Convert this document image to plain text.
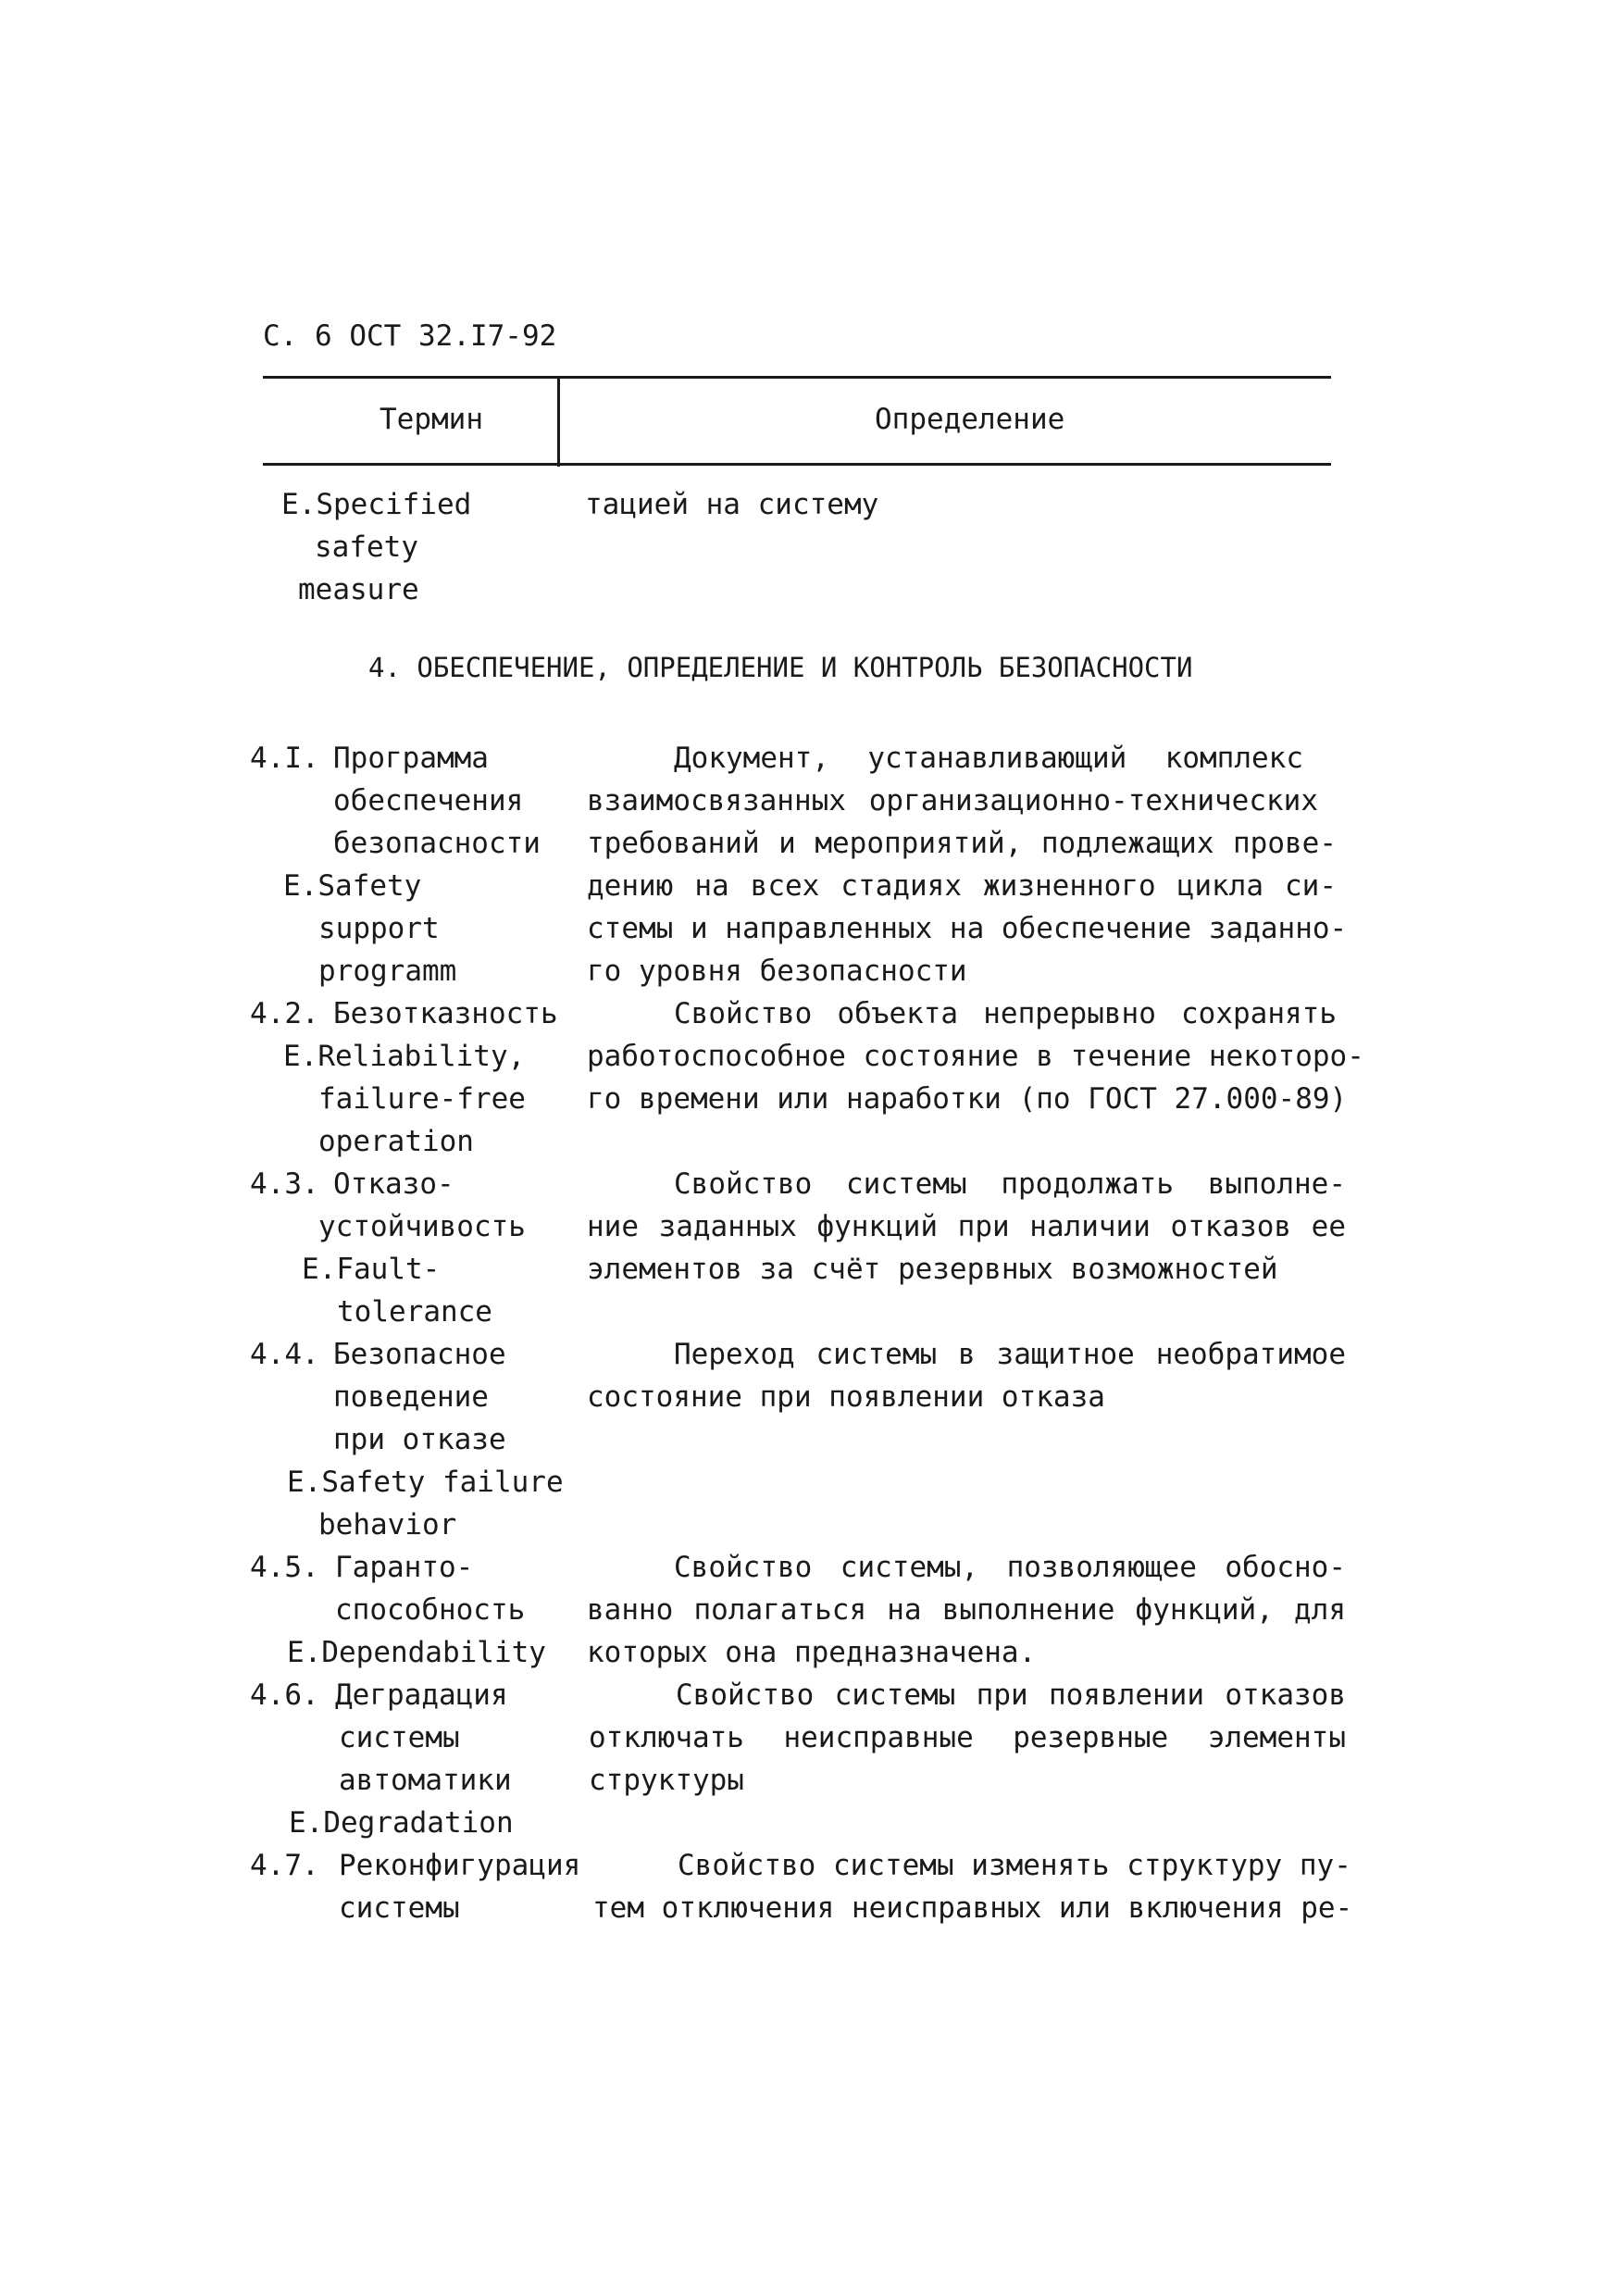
С. 6 ОСТ 32.I7-92
Термин	Определение
E.Specified
safety
measure
тацией на систему
4. ОБЕСПЕЧЕНИЕ, ОПРЕДЕЛЕНИЕ И КОНТРОЛЬ БЕЗОПАСНОСТИ
4.I. Программа
обеспечения
безопасности
E.Safety
support
programm
Документ, устанавливающий комплекс
взаимосвязанных организационно-технических
требований и мероприятий, подлежащих прове-
дению на всех стадиях жизненного цикла си-
стемы и направленных на обеспечение заданно-
го уровня безопасности
4.2. Безотказность
E.Reliability,
failure-free
operation
Свойство объекта непрерывно сохранять
работоспособное состояние в течение некоторо-
го времени или наработки (по ГОСТ 27.000-89)
4.3. Отказо-
устойчивость
E.Fault-
tolerance
Свойство системы продолжать выполне-
ние заданных функций при наличии отказов ее
элементов за счёт резервных возможностей
4.4. Безопасное
поведение
при отказе
E.Safety failure
behavior
Переход системы в защитное необратимое
состояние при появлении отказа
4.5. Гаранто-
способность
E.Dependability
Свойство системы, позволяющее обосно-
ванно полагаться на выполнение функций, для
которых она предназначена.
4.6. Деградация
системы
автоматики
E.Degradation
Свойство системы при появлении отказов
отключать неисправные резервные элементы
структуры
4.7. Реконфигурация
системы
Свойство системы изменять структуру пу-
тем отключения неисправных или включения ре-
